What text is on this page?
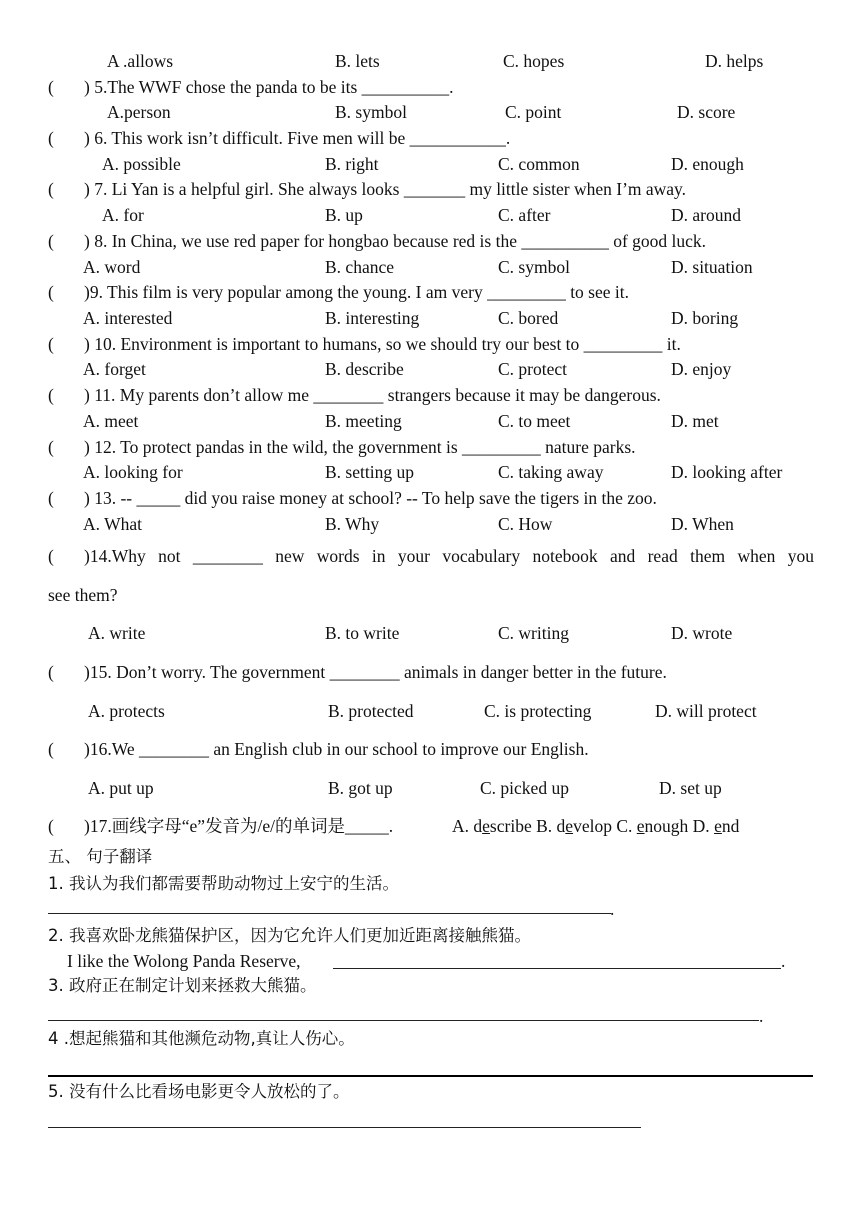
A .allows	B. lets	C. hopes	D. helps
( ) 5.The WWF chose the panda to be its __________.
A.person	B. symbol	C. point	D. score
( ) 6. This work isn’t difficult. Five men will be ___________.
A. possible	B. right	C. common	D. enough
( ) 7. Li Yan is a helpful girl. She always looks _______ my little sister when I’m away.
A. for	B. up	C. after	D. around
( ) 8. In China, we use red paper for hongbao because red is the __________ of good luck.
A. word	B. chance	C. symbol	D. situation
( )9. This film is very popular among the young. I am very _________ to see it.
A. interested	B. interesting	C. bored	D. boring
( ) 10. Environment is important to humans, so we should try our best to _________ it.
A. forget	B. describe	C. protect	D. enjoy
( ) 11. My parents don’t allow me ________ strangers because it may be dangerous.
A. meet	B. meeting	C. to meet	D. met
( ) 12. To protect pandas in the wild, the government is _________ nature parks.
A. looking for	B. setting up	C. taking away	D. looking after
( ) 13. -- _____ did you raise money at school? -- To help save the tigers in the zoo.
A. What	B. Why	C. How	D. When
( )14.Why not ________ new words in your vocabulary notebook and read them when you
see them?
A. write	B. to write	C. writing	D. wrote
( )15. Don’t worry. The government ________ animals in danger better in the future.
A. protects	B. protected	C. is protecting	D. will protect
( )16.We ________ an English club in our school to improve our English.
A. put up	B. got up	C. picked up	D. set up
( )17.画线字母“e”发音为/e/的单词是_____.	A. describe B. develop C. enough D. end
五、 句子翻译
1. 我认为我们都需要帮助动物过上安宁的生活。
.
2. 我喜欢卧龙熊猫保护区，因为它允许人们更加近距离接触熊猫。
I like the Wolong Panda Reserve,	.
3. 政府正在制定计划来拯救大熊猫。
.
4 .想起熊猫和其他濒危动物,真让人伤心。
5. 没有什么比看场电影更令人放松的了。
